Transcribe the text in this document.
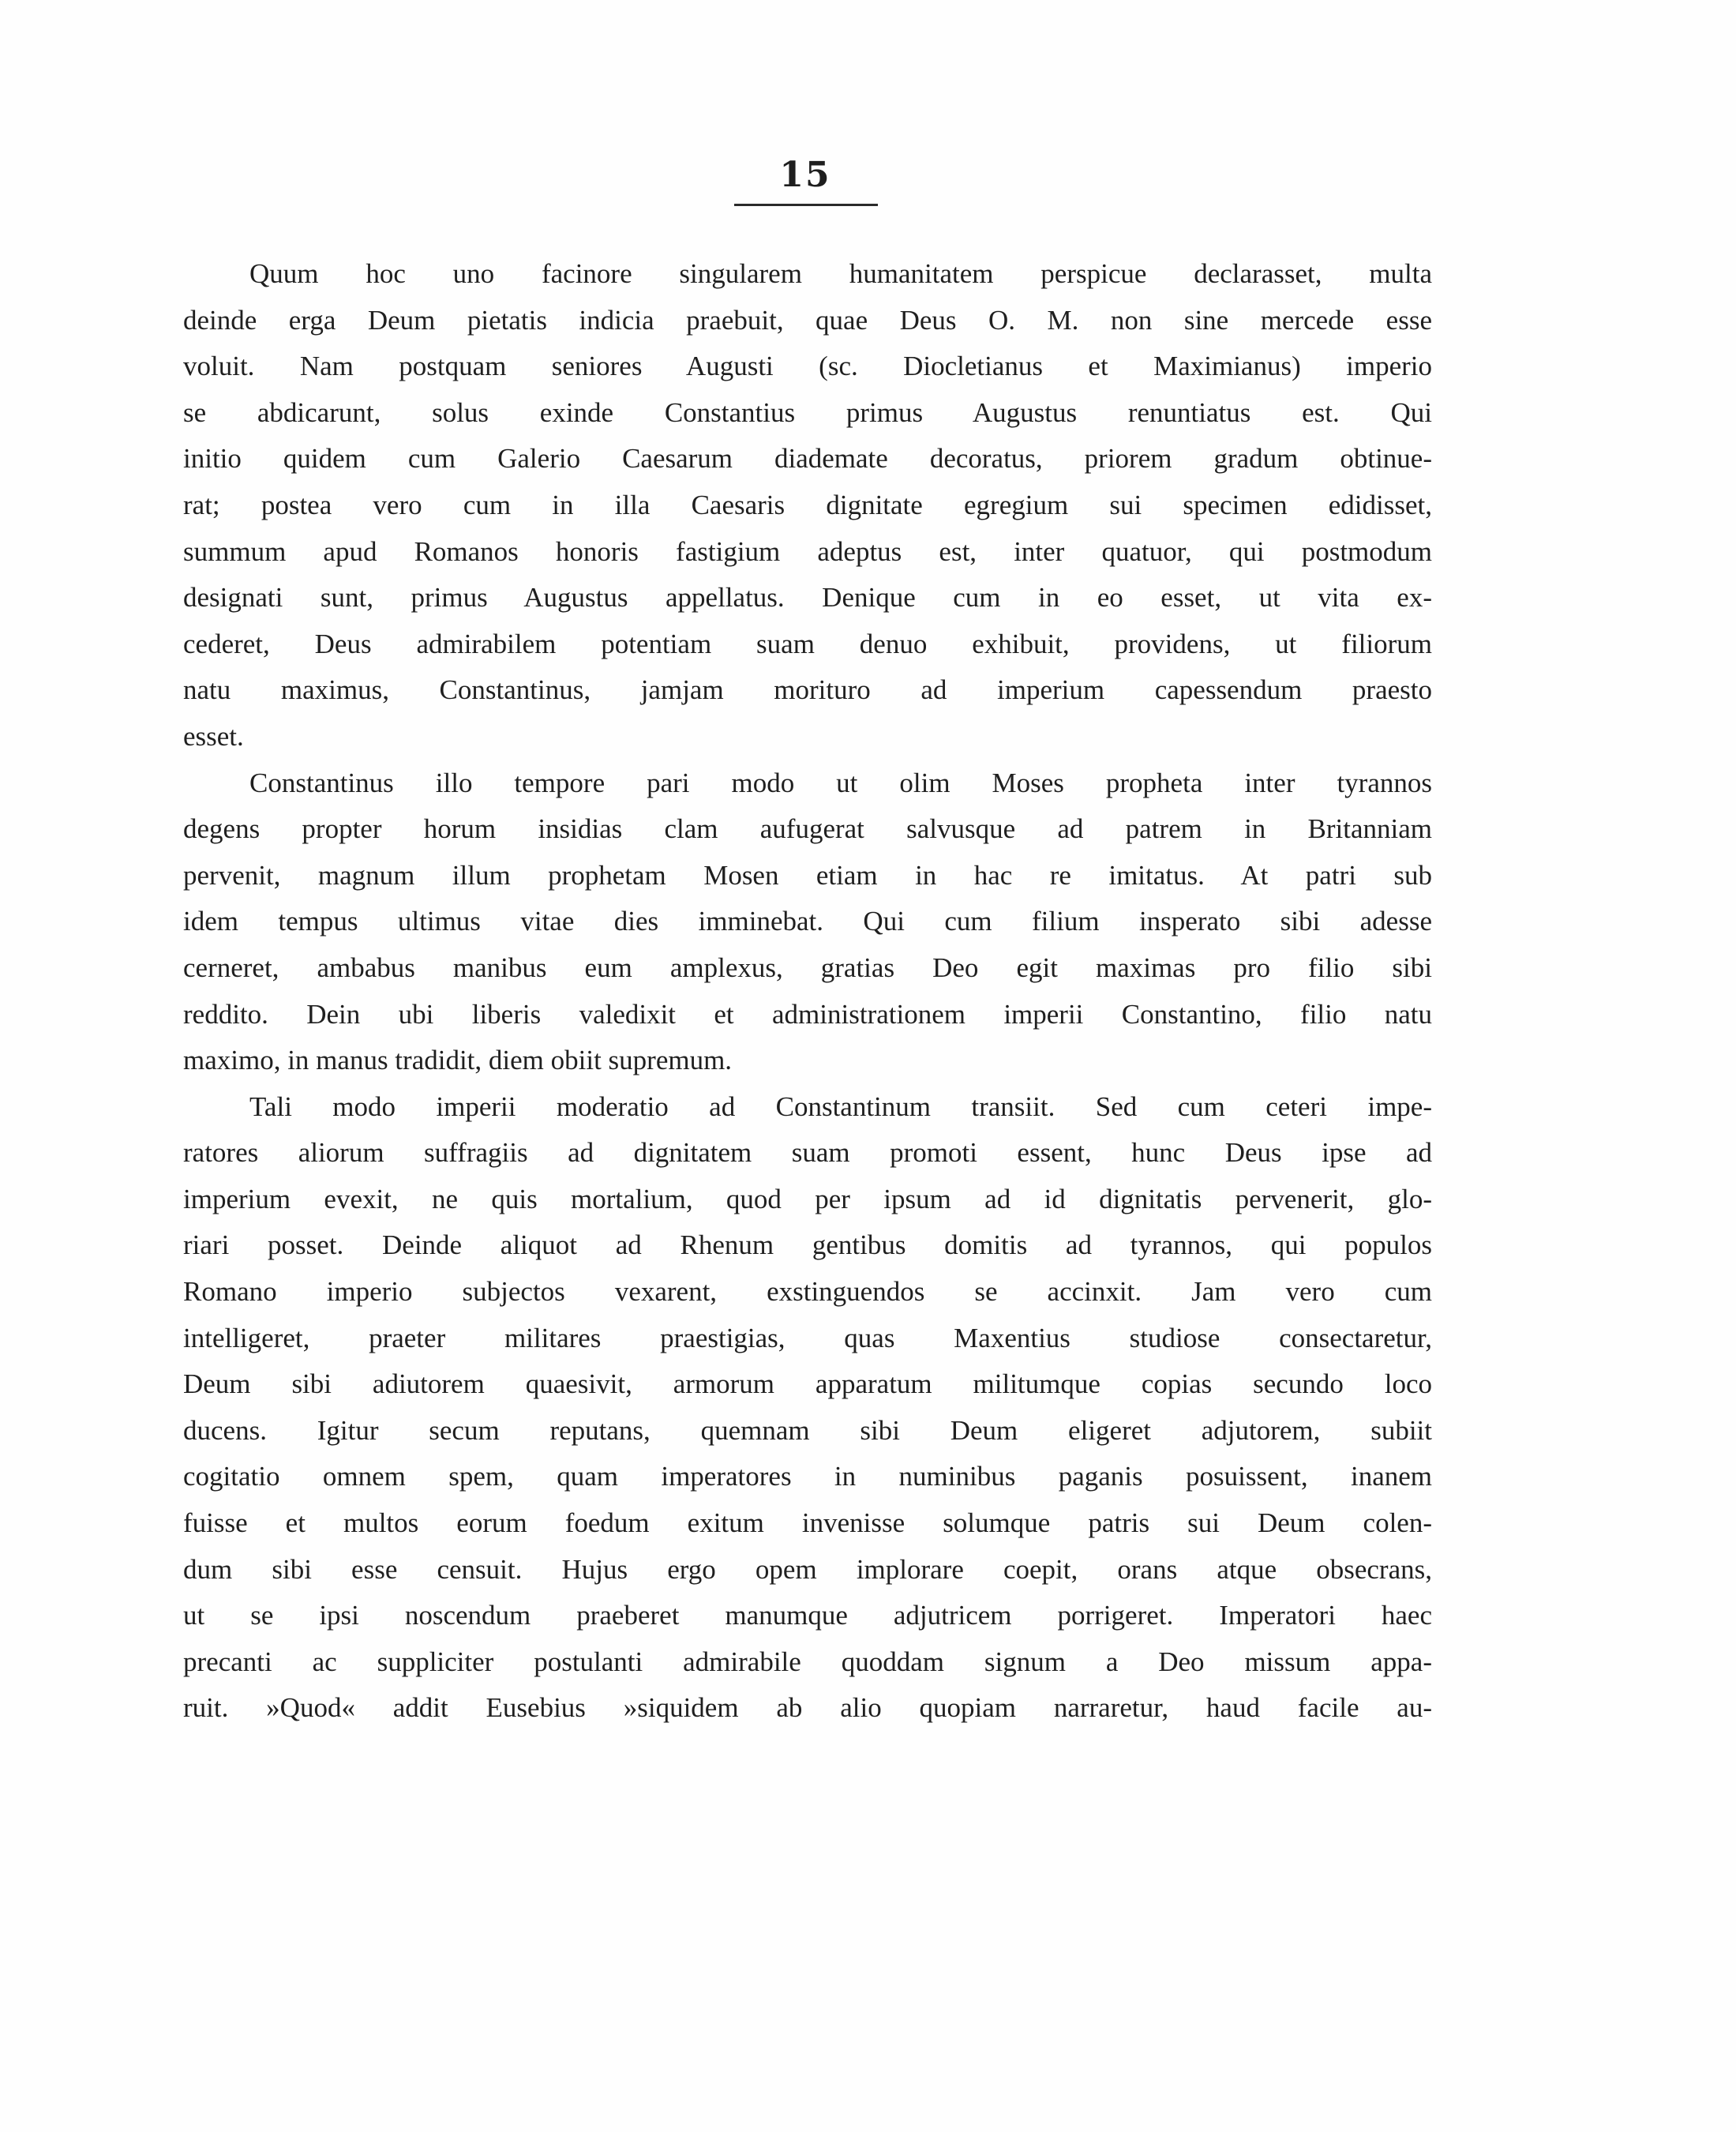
15
Quum hoc uno facinore singularem humanitatem perspicue declarasset, multa
deinde erga Deum pietatis indicia praebuit, quae Deus O. M. non sine mercede esse
voluit. Nam postquam seniores Augusti (sc. Diocletianus et Maximianus) imperio
se abdicarunt, solus exinde Constantius primus Augustus renuntiatus est. Qui
initio quidem cum Galerio Caesarum diademate decoratus, priorem gradum obtinue-
rat; postea vero cum in illa Caesaris dignitate egregium sui specimen edidisset,
summum apud Romanos honoris fastigium adeptus est, inter quatuor, qui postmodum
designati sunt, primus Augustus appellatus. Denique cum in eo esset, ut vita ex-
cederet, Deus admirabilem potentiam suam denuo exhibuit, providens, ut filiorum
natu maximus, Constantinus, jamjam morituro ad imperium capessendum praesto
esset.
Constantinus illo tempore pari modo ut olim Moses propheta inter tyrannos
degens propter horum insidias clam aufugerat salvusque ad patrem in Britanniam
pervenit, magnum illum prophetam Mosen etiam in hac re imitatus. At patri sub
idem tempus ultimus vitae dies imminebat. Qui cum filium insperato sibi adesse
cerneret, ambabus manibus eum amplexus, gratias Deo egit maximas pro filio sibi
reddito. Dein ubi liberis valedixit et administrationem imperii Constantino, filio natu
maximo, in manus tradidit, diem obiit supremum.
Tali modo imperii moderatio ad Constantinum transiit. Sed cum ceteri impe-
ratores aliorum suffragiis ad dignitatem suam promoti essent, hunc Deus ipse ad
imperium evexit, ne quis mortalium, quod per ipsum ad id dignitatis pervenerit, glo-
riari posset. Deinde aliquot ad Rhenum gentibus domitis ad tyrannos, qui populos
Romano imperio subjectos vexarent, exstinguendos se accinxit. Jam vero cum
intelligeret, praeter militares praestigias, quas Maxentius studiose consectaretur,
Deum sibi adiutorem quaesivit, armorum apparatum militumque copias secundo loco
ducens. Igitur secum reputans, quemnam sibi Deum eligeret adjutorem, subiit
cogitatio omnem spem, quam imperatores in numinibus paganis posuissent, inanem
fuisse et multos eorum foedum exitum invenisse solumque patris sui Deum colen-
dum sibi esse censuit. Hujus ergo opem implorare coepit, orans atque obsecrans,
ut se ipsi noscendum praeberet manumque adjutricem porrigeret. Imperatori haec
precanti ac suppliciter postulanti admirabile quoddam signum a Deo missum appa-
ruit. »Quod« addit Eusebius »siquidem ab alio quopiam narraretur, haud facile au-
